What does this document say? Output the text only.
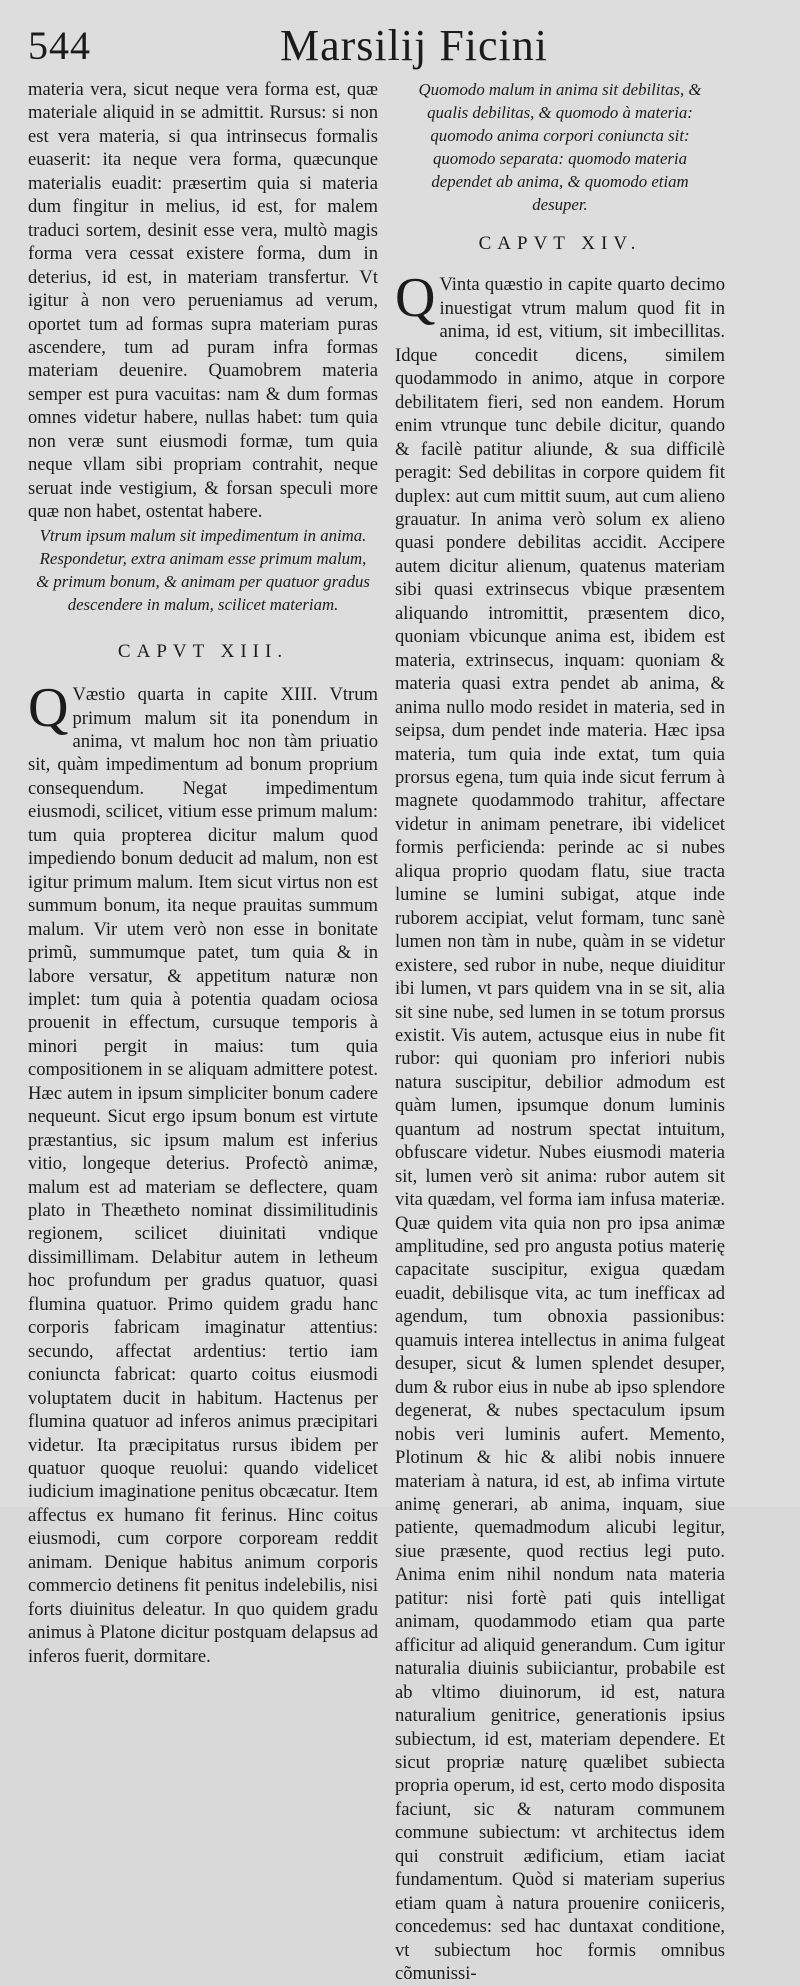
544	Marsilij Ficini

materia vera, sicut neque vera forma est, quæ materiale aliquid in se admittit. Rursus: si non est vera materia, si qua intrinsecus formalis euaserit: ita neque vera forma, quæcunque materialis euadit: præsertim quia si materia dum fingitur in melius, id est, for malem traduci sortem, desinit esse vera, multò magis forma vera cessat existere forma, dum in deterius, id est, in materiam transfertur. Vt igitur à non vero perueniamus ad verum, oportet tum ad formas supra materiam puras ascendere, tum ad puram infra formas materiam deuenire. Quamobrem materia semper est pura vacuitas: nam & dum formas omnes videtur habere, nullas habet: tum quia non veræ sunt eiusmodi formæ, tum quia neque vllam sibi propriam contrahit, neque seruat inde vestigium, & forsan speculi more quæ non habet, ostentat habere.

Vtrum ipsum malum sit impedimentum in anima. Respondetur, extra animam esse primum malum, & primum bonum, & animam per quatuor gradus descendere in malum, scilicet materiam.

CAPVT XIII.

Q Væstio quarta in capite XIII. Vtrum primum malum sit ita ponendum in anima, vt malum hoc non tàm priuatio sit, quàm impedimentum ad bonum proprium consequendum. Negat impedimentum eiusmodi, scilicet, vitium esse primum malum: tum quia propterea dicitur malum quod impediendo bonum deducit ad malum, non est igitur primum malum. Item sicut virtus non est summum bonum, ita neque prauitas summum malum. Vir utem verò non esse in bonitate primũ, summumque patet, tum quia & in labore versatur, & appetitum naturæ non implet: tum quia à potentia quadam ociosa prouenit in effectum, cursuque temporis à minori pergit in maius: tum quia compositionem in se aliquam admittere potest. Hæc autem in ipsum simpliciter bonum cadere nequeunt. Sicut ergo ipsum bonum est virtute præstantius, sic ipsum malum est inferius vitio, longeque deterius. Profectò animæ, malum est ad materiam se deflectere, quam plato in Theætheto nominat dissimilitudinis regionem, scilicet diuinitati vndique dissimillimam. Delabitur autem in letheum hoc profundum per gradus quatuor, quasi flumina quatuor. Primo quidem gradu hanc corporis fabricam imaginatur attentius: secundo, affectat ardentius: tertio iam coniuncta fabricat: quarto coitus eiusmodi voluptatem ducit in habitum. Hactenus per flumina quatuor ad inferos animus præcipitari videtur. Ita præcipitatus rursus ibidem per quatuor quoque reuolui: quando videlicet iudicium imaginatione penitus obcæcatur. Item affectus ex humano fit ferinus. Hinc coitus eiusmodi, cum corpore corpoream reddit animam. Denique habitus animum corporis commercio detinens fit penitus indelebilis, nisi forts diuinitus deleatur. In quo quidem gradu animus à Platone dicitur postquam delapsus ad inferos fuerit, dormitare.

Quomodo malum in anima sit debilitas, & qualis debilitas, & quomodo à materia: quomodo anima corpori coniuncta sit: quomodo separata: quomodo materia dependet ab anima, & quomodo etiam desuper.

CAPVT XIV.

Q Vinta quæstio in capite quarto decimo inuestigat vtrum malum quod fit in anima, id est, vitium, sit imbecillitas. Idque concedit dicens, similem quodammodo in animo, atque in corpore debilitatem fieri, sed non eandem. Horum enim vtrunque tunc debile dicitur, quando & facilè patitur aliunde, & sua difficilè peragit: Sed debilitas in corpore quidem fit duplex: aut cum mittit suum, aut cum alieno grauatur. In anima verò solum ex alieno quasi pondere debilitas accidit. Accipere autem dicitur alienum, quatenus materiam sibi quasi extrinsecus vbique præsentem aliquando intromittit, præsentem dico, quoniam vbicunque anima est, ibidem est materia, extrinsecus, inquam: quoniam & materia quasi extra pendet ab anima, & anima nullo modo residet in materia, sed in seipsa, dum pendet inde materia. Hæc ipsa materia, tum quia inde extat, tum quia prorsus egena, tum quia inde sicut ferrum à magnete quodammodo trahitur, affectare videtur in animam penetrare, ibi videlicet formis perficienda: perinde ac si nubes aliqua proprio quodam flatu, siue tracta lumine se lumini subigat, atque inde ruborem accipiat, velut formam, tunc sanè lumen non tàm in nube, quàm in se videtur existere, sed rubor in nube, neque diuiditur ibi lumen, vt pars quidem vna in se sit, alia sit sine nube, sed lumen in se totum prorsus existit. Vis autem, actusque eius in nube fit rubor: qui quoniam pro inferiori nubis natura suscipitur, debilior admodum est quàm lumen, ipsumque donum luminis quantum ad nostrum spectat intuitum, obfuscare videtur. Nubes eiusmodi materia sit, lumen verò sit anima: rubor autem sit vita quædam, vel forma iam infusa materiæ. Quæ quidem vita quia non pro ipsa animæ amplitudine, sed pro angusta potius materię capacitate suscipitur, exigua quædam euadit, debilisque vita, ac tum inefficax ad agendum, tum obnoxia passionibus: quamuis interea intellectus in anima fulgeat desuper, sicut & lumen splendet desuper, dum & rubor eius in nube ab ipso splendore degenerat, & nubes spectaculum ipsum nobis veri luminis aufert. Memento, Plotinum & hic & alibi nobis innuere materiam à natura, id est, ab infima virtute animę generari, ab anima, inquam, siue patiente, quemadmodum alicubi legitur, siue præsente, quod rectius legi puto. Anima enim nihil nondum nata materia patitur: nisi fortè pati quis intelligat animam, quodammodo etiam qua parte afficitur ad aliquid generandum. Cum igitur naturalia diuinis subiiciantur, probabile est ab vltimo diuinorum, id est, natura naturalium genitrice, generationis ipsius subiectum, id est, materiam dependere. Et sicut propriæ naturę quælibet subiecta propria operum, id est, certo modo disposita faciunt, sic & naturam communem commune subiectum: vt architectus idem qui construit ædificium, etiam iaciat fundamentum. Quòd si materiam superius etiam quam à natura prouenire coniiceris, concedemus: sed hac duntaxat conditione, vt subiectum hoc formis omnibus cõmunissi-
